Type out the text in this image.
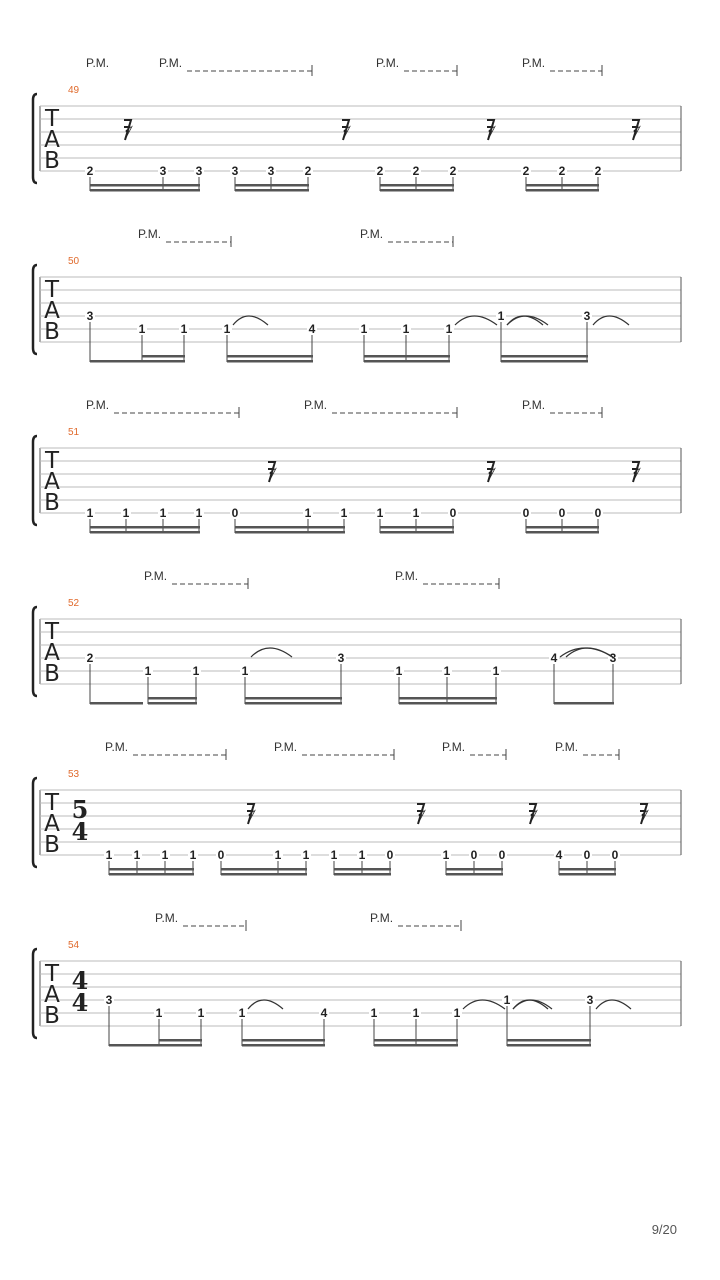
T
A
B
49
P.M.	P.M.	P.M.	P.M.
𝄿	𝄿	𝄿	𝄿
2	3 3 3 3	2	2 2	2	2 2 2
T
A
B
50
P.M.	P.M.
3
1	1	1	4	1	1	1
1	3
T
A
B
51
P.M.	P.M.	P.M.
𝄿	𝄿	𝄿
1 1	1 1 0	1 1 1 1	0	0 0 0
T
A
B
52
P.M.	P.M.
2
1	1	1
3
1	1	1
4	3
T
A
B
53
5
4
P.M.	P.M.	P.M.	P.M.
𝄿	𝄿	𝄿	𝄿
1 1 1 1 0	1 1 1 1 0	1 0 0	4 0 0
T
A
B
54
4
4
P.M.	P.M.
3
1	1	1	4	1	1	1
1	3
9/20
